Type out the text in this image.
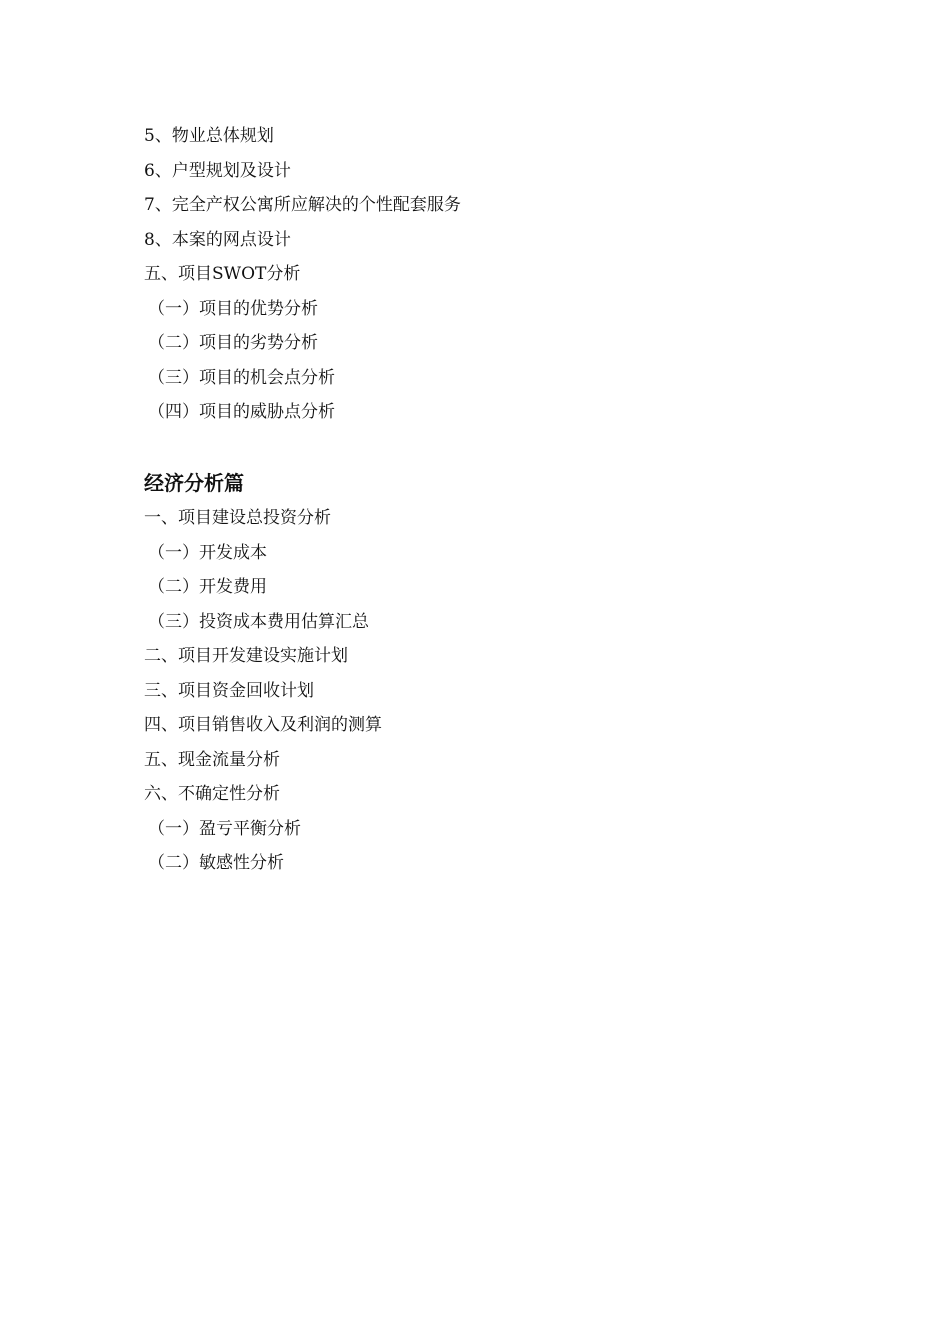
5、物业总体规划
6、户型规划及设计
7、完全产权公寓所应解决的个性配套服务
8、本案的网点设计
五、项目SWOT分析
（一）项目的优势分析
（二）项目的劣势分析
（三）项目的机会点分析
（四）项目的威胁点分析
经济分析篇
一、项目建设总投资分析
（一）开发成本
（二）开发费用
（三）投资成本费用估算汇总
二、项目开发建设实施计划
三、项目资金回收计划
四、项目销售收入及利润的测算
五、现金流量分析
六、不确定性分析
（一）盈亏平衡分析
（二）敏感性分析
